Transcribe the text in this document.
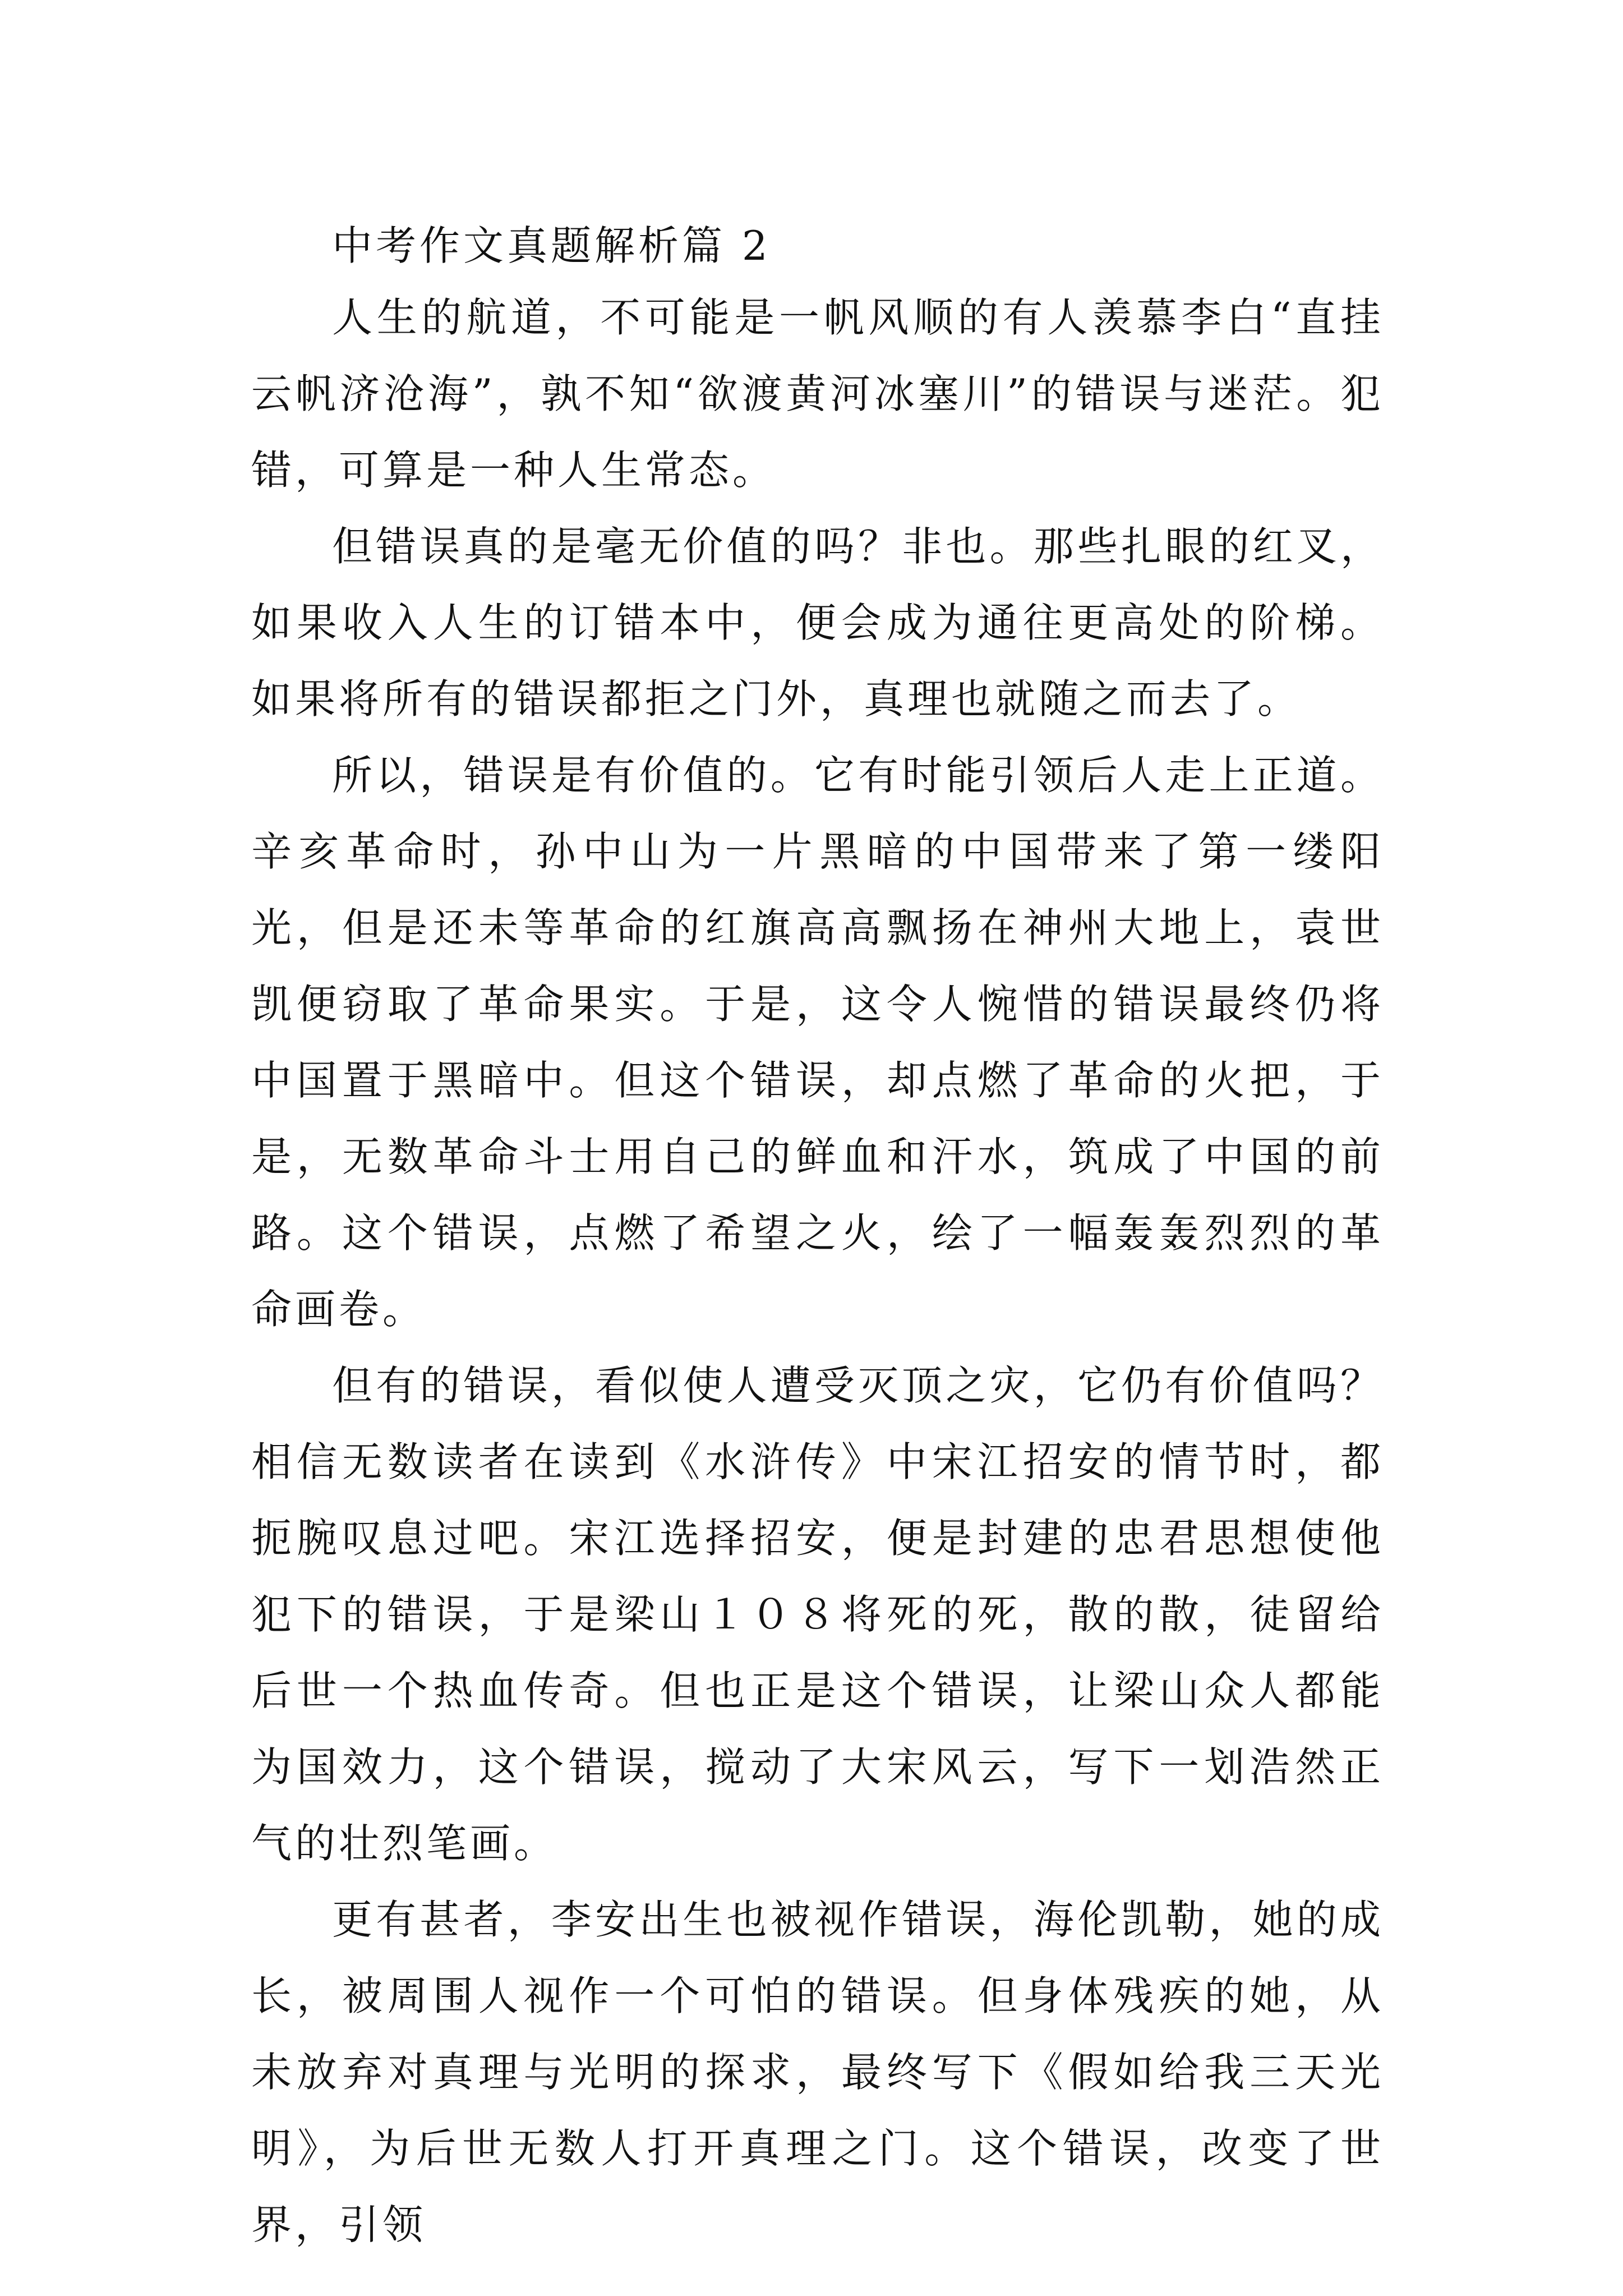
中考作文真题解析篇 2

人生的航道，不可能是一帆风顺的有人羡慕李白“直挂云帆济沧海”，孰不知“欲渡黄河冰塞川”的错误与迷茫。犯错，可算是一种人生常态。

但错误真的是毫无价值的吗？非也。那些扎眼的红叉，如果收入人生的订错本中，便会成为通往更高处的阶梯。如果将所有的错误都拒之门外，真理也就随之而去了。

所以，错误是有价值的。它有时能引领后人走上正道。辛亥革命时，孙中山为一片黑暗的中国带来了第一缕阳光，但是还未等革命的红旗高高飘扬在神州大地上，袁世凯便窃取了革命果实。于是，这令人惋惜的错误最终仍将中国置于黑暗中。但这个错误，却点燃了革命的火把，于是，无数革命斗士用自己的鲜血和汗水，筑成了中国的前路。这个错误，点燃了希望之火，绘了一幅轰轰烈烈的革命画卷。

但有的错误，看似使人遭受灭顶之灾，它仍有价值吗？相信无数读者在读到《水浒传》中宋江招安的情节时，都扼腕叹息过吧。宋江选择招安，便是封建的忠君思想使他犯下的错误，于是梁山１０８将死的死，散的散，徒留给后世一个热血传奇。但也正是这个错误，让梁山众人都能为国效力，这个错误，搅动了大宋风云，写下一划浩然正气的壮烈笔画。

更有甚者，李安出生也被视作错误，海伦凯勒，她的成长，被周围人视作一个可怕的错误。但身体残疾的她，从未放弃对真理与光明的探求，最终写下《假如给我三天光明》，为后世无数人打开真理之门。这个错误，改变了世界，引领
